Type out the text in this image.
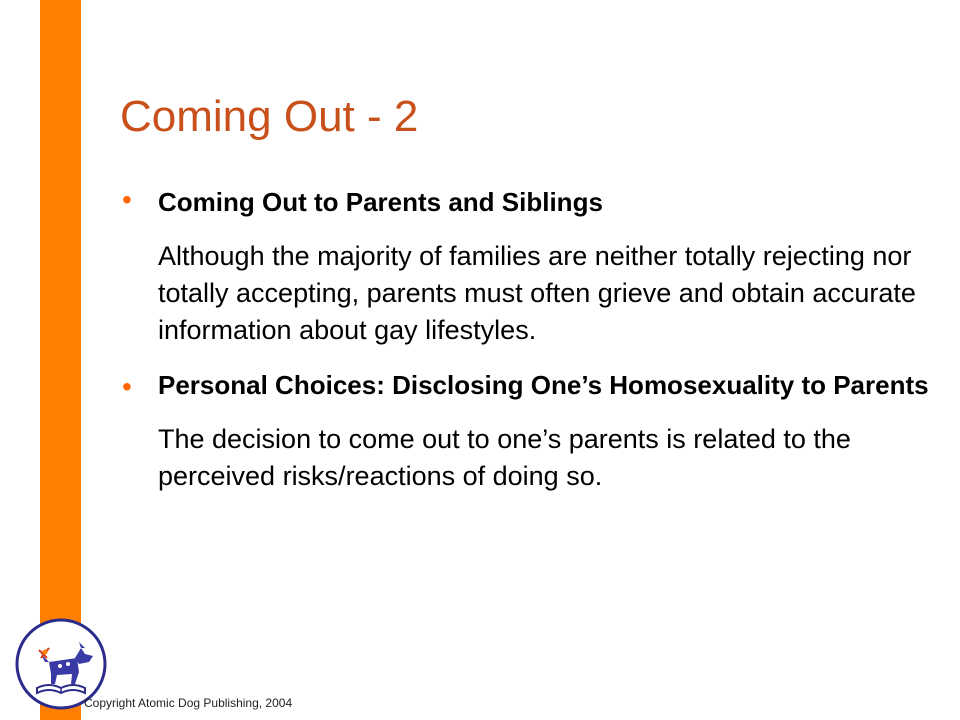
Coming Out - 2
• Coming Out to Parents and Siblings
Although the majority of families are neither totally rejecting nor totally accepting, parents must often grieve and obtain accurate information about gay lifestyles.
• Personal Choices: Disclosing One’s Homosexuality to Parents
The decision to come out to one’s parents is related to the perceived risks/reactions of doing so.
Copyright Atomic Dog Publishing, 2004
